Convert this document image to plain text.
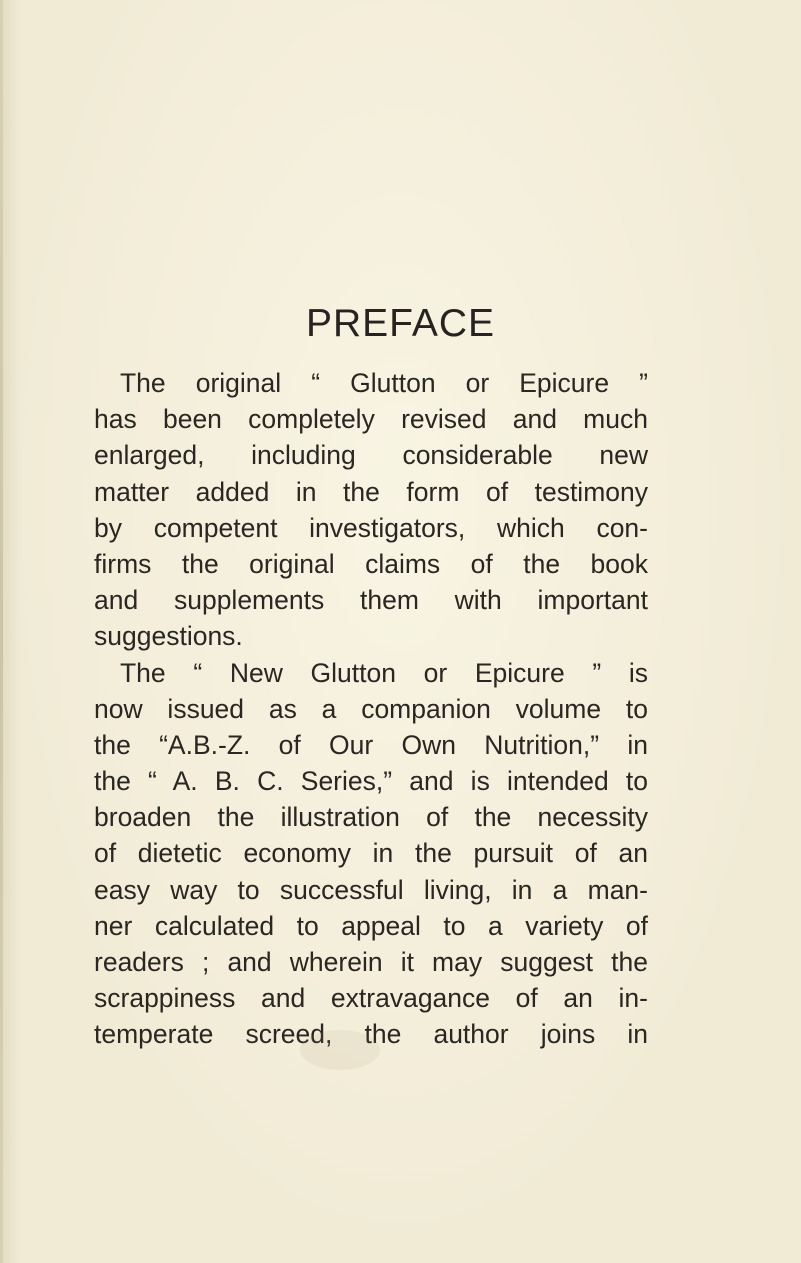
PREFACE
The original “ Glutton or Epicure ”
has been completely revised and much
enlarged, including considerable new
matter added in the form of testimony
by competent investigators, which con-
firms the original claims of the book
and supplements them with important
suggestions.
The “ New Glutton or Epicure ” is
now issued as a companion volume to
the “A.B.-Z. of Our Own Nutrition,” in
the “ A. B. C. Series,” and is intended to
broaden the illustration of the necessity
of dietetic economy in the pursuit of an
easy way to successful living, in a man-
ner calculated to appeal to a variety of
readers ; and wherein it may suggest the
scrappiness and extravagance of an in-
temperate screed, the author joins in
